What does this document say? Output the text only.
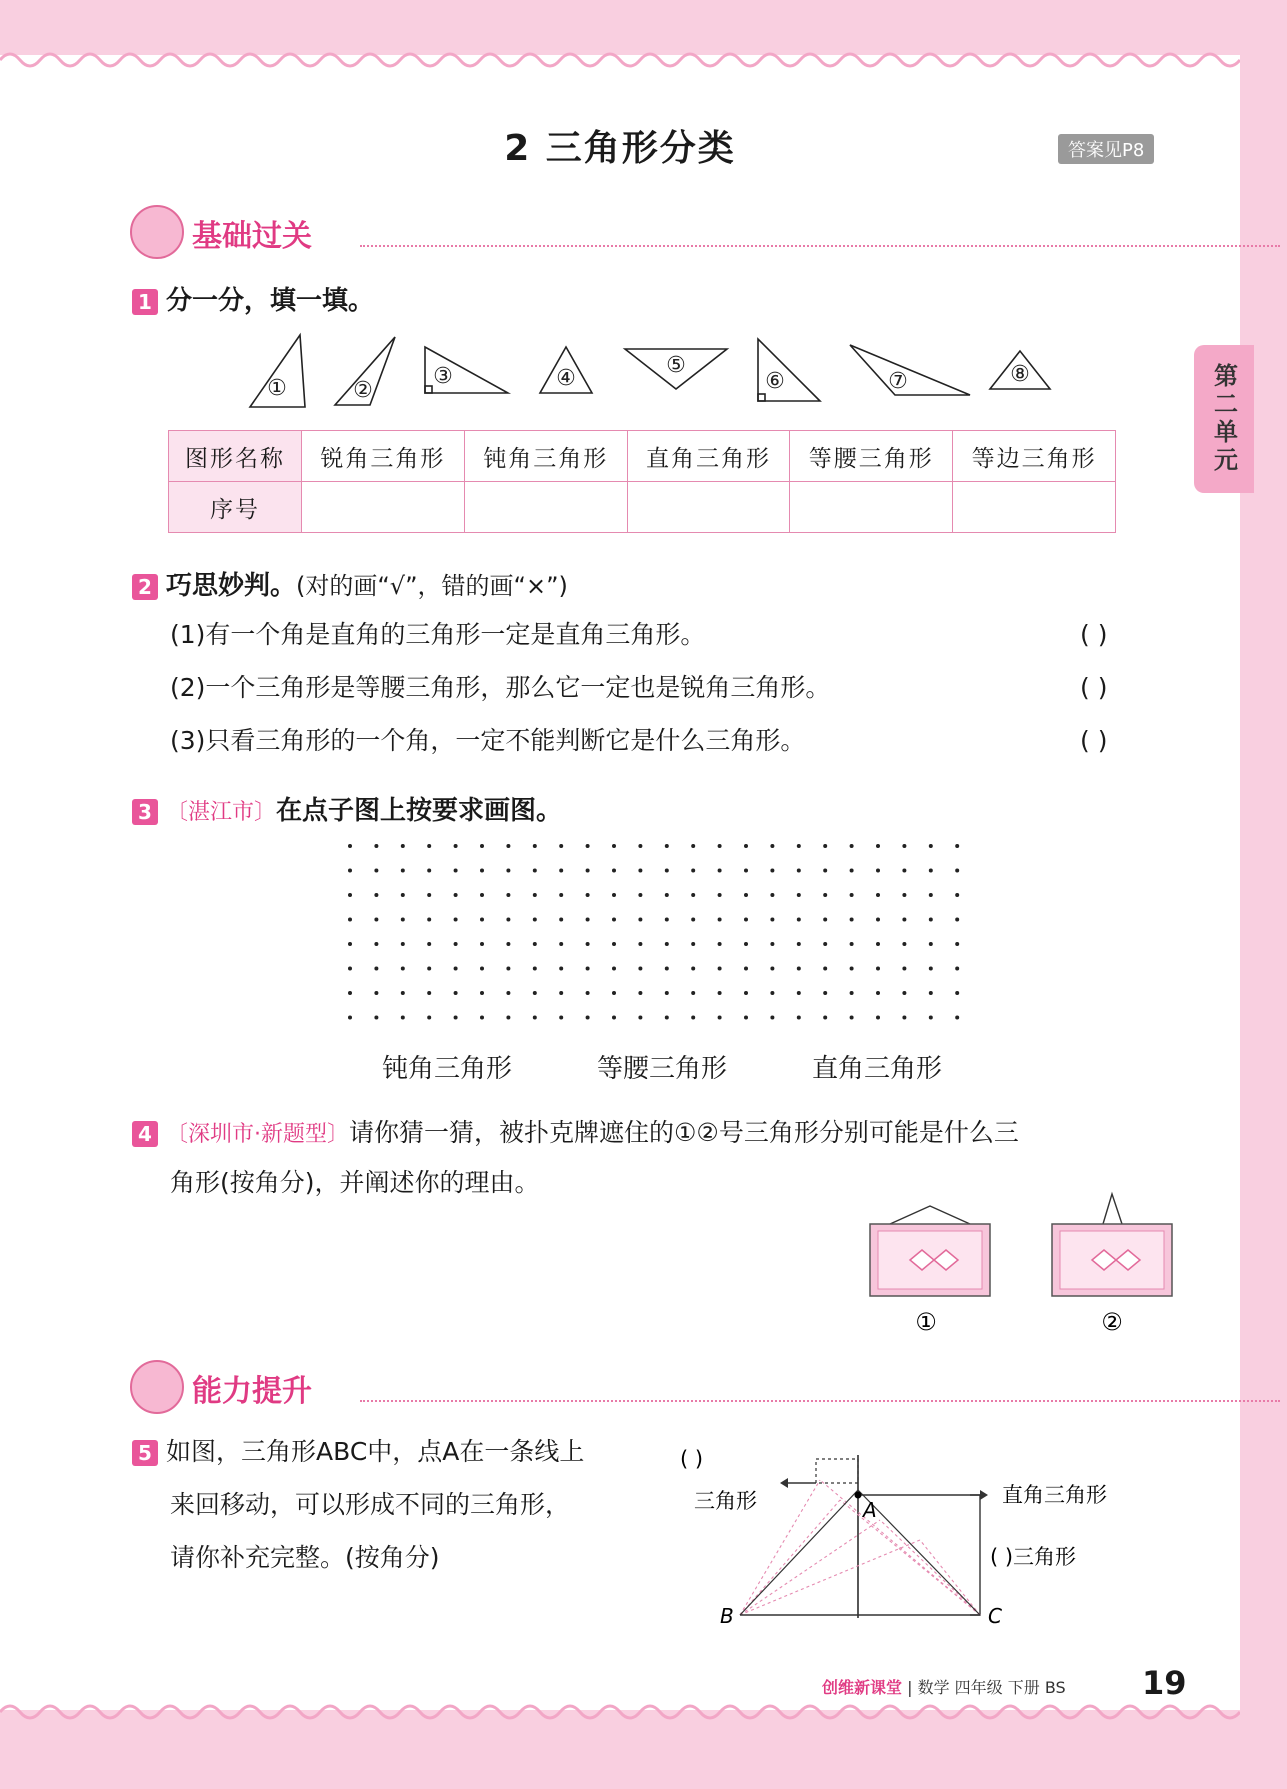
2 三角形分类	答案见P8
第二单元
基础过关
1 分一分，填一填。
①	②
③	④
⑤
⑥	⑦	⑧
图形名称	锐角三角形	钝角三角形	直角三角形	等腰三角形	等边三角形
序号					
2 巧思妙判。(对的画“√”，错的画“×”)
(1)有一个角是直角的三角形一定是直角三角形。	( )
(2)一个三角形是等腰三角形，那么它一定也是锐角三角形。	( )
(3)只看三角形的一个角，一定不能判断它是什么三角形。	( )
3 〔湛江市〕在点子图上按要求画图。
钝角三角形	等腰三角形	直角三角形
4 〔深圳市·新题型〕请你猜一猜，被扑克牌遮住的①②号三角形分别可能是什么三
角形(按角分)，并阐述你的理由。
①	②
能力提升
5 如图，三角形ABC中，点A在一条线上
来回移动，可以形成不同的三角形，
请你补充完整。(按角分)
( )
三角形	直角三角形
( )三角形
A
B	C
创维新课堂 | 数学 四年级 下册 BS 19
